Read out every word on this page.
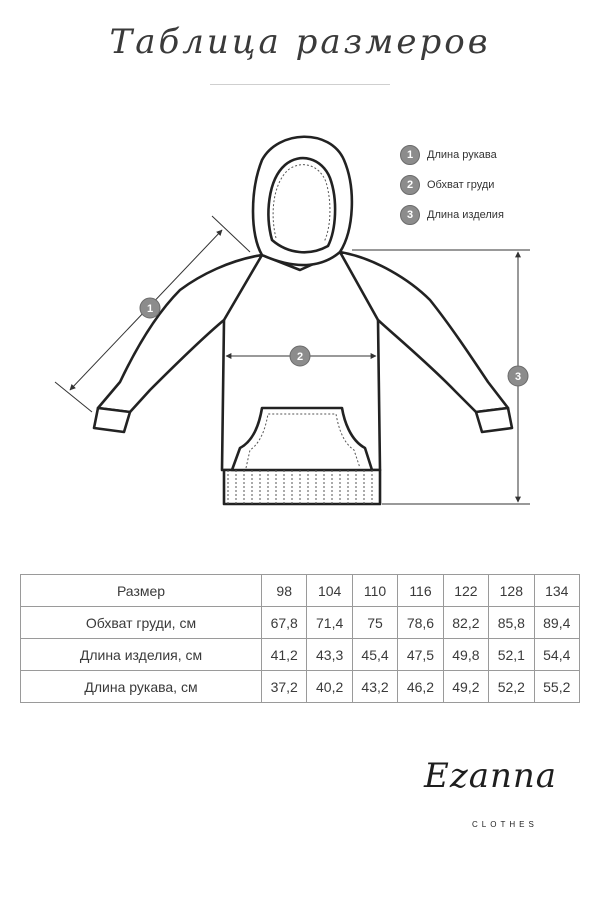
Таблица размеров
1
2
3
1	Длина рукава
2	Обхват груди
3	Длина изделия
Размер	98	104	110	116	122	128	134
Обхват груди, см	67,8	71,4	75	78,6	82,2	85,8	89,4
Длина изделия, см	41,2	43,3	45,4	47,5	49,8	52,1	54,4
Длина рукава, см	37,2	40,2	43,2	46,2	49,2	52,2	55,2
Ezanna
CLOTHES
